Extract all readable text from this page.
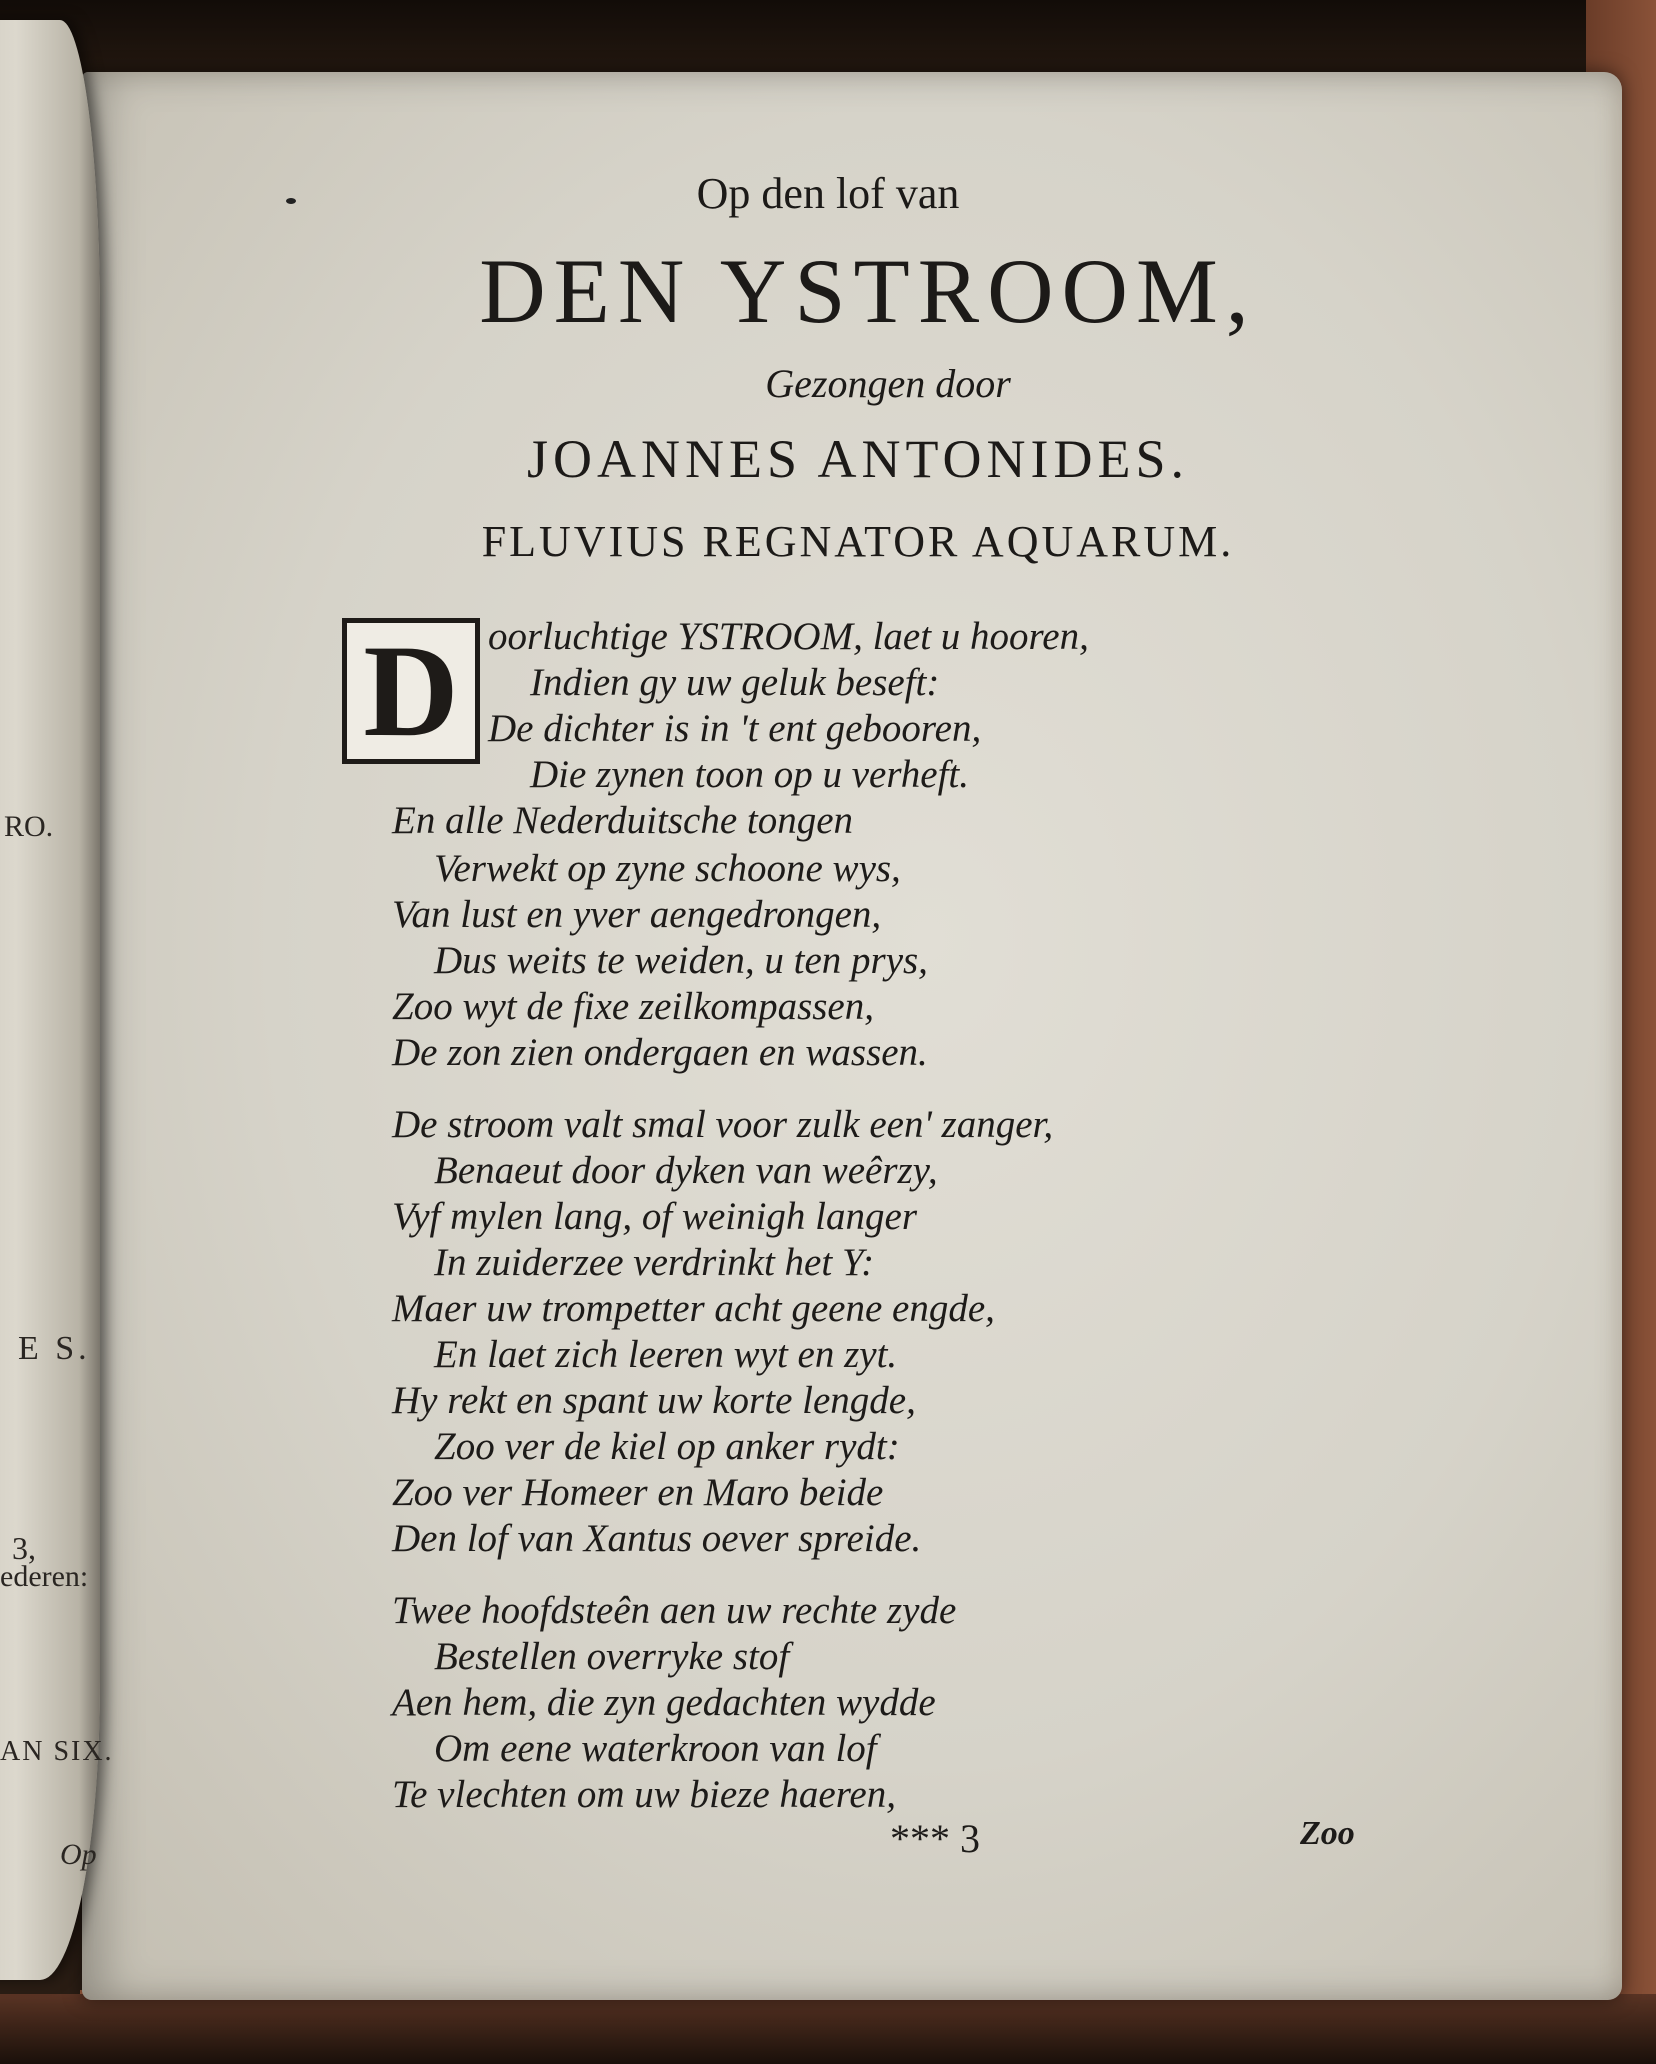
RO.
E S.
3,
ederen:
AN SIX.
Op
Op den lof van
DEN YSTROOM,
Gezongen door
JOANNES ANTONIDES.
FLUVIUS REGNATOR AQUARUM.
D oorluchtige YSTROOM, laet u hooren,
Indien gy uw geluk beseft:
De dichter is in 't ent gebooren,
Die zynen toon op u verheft.
En alle Nederduitsche tongen
Verwekt op zyne schoone wys,
Van lust en yver aengedrongen,
Dus weits te weiden, u ten prys,
Zoo wyt de fixe zeilkompassen,
De zon zien ondergaen en wassen.
De stroom valt smal voor zulk een' zanger,
Benaeut door dyken van weêrzy,
Vyf mylen lang, of weinigh langer
In zuiderzee verdrinkt het Y:
Maer uw trompetter acht geene engde,
En laet zich leeren wyt en zyt.
Hy rekt en spant uw korte lengde,
Zoo ver de kiel op anker rydt:
Zoo ver Homeer en Maro beide
Den lof van Xantus oever spreide.
Twee hoofdsteên aen uw rechte zyde
Bestellen overryke stof
Aen hem, die zyn gedachten wydde
Om eene waterkroon van lof
Te vlechten om uw bieze haeren,
*** 3	Zoo
